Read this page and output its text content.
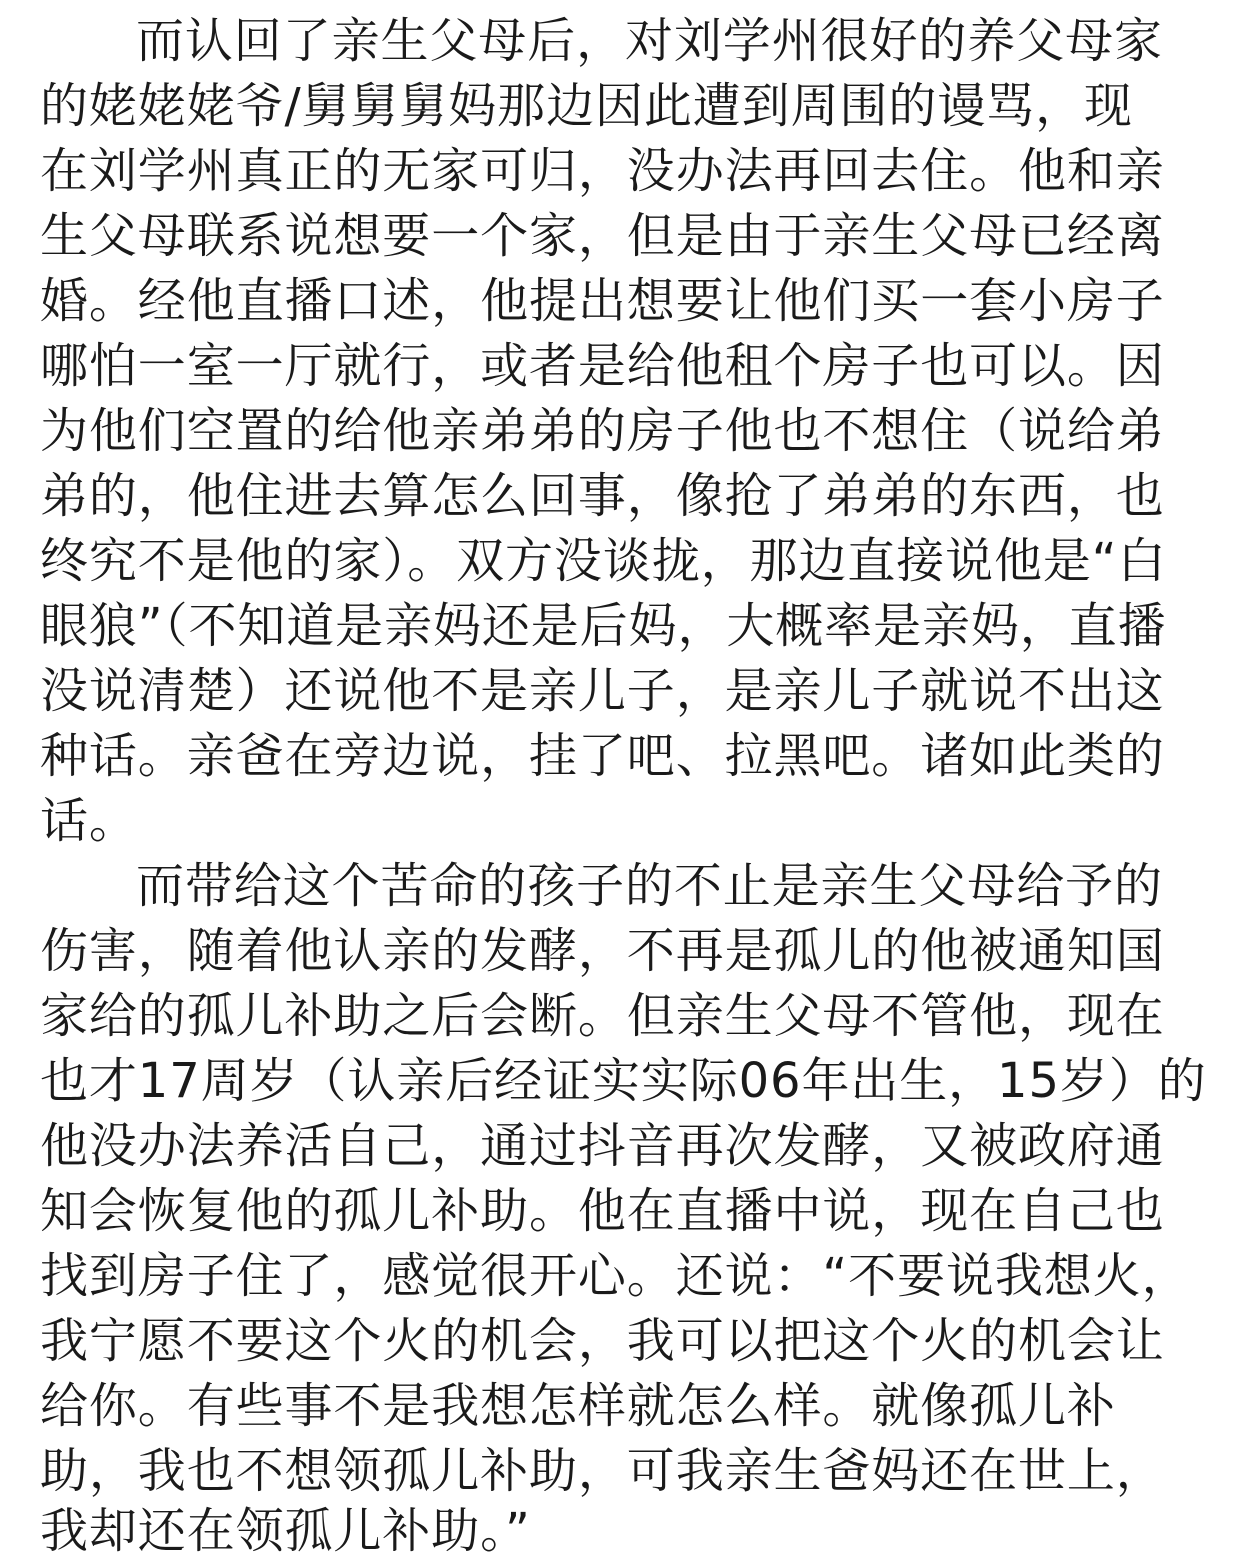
而认回了亲生父母后，对刘学州很好的养父母家

的姥姥姥爷/舅舅舅妈那边因此遭到周围的谩骂，现

在刘学州真正的无家可归，没办法再回去住。他和亲

生父母联系说想要一个家，但是由于亲生父母已经离

婚。经他直播口述，他提出想要让他们买一套小房子

哪怕一室一厅就行，或者是给他租个房子也可以。因

为他们空置的给他亲弟弟的房子他也不想住（说给弟

弟的，他住进去算怎么回事，像抢了弟弟的东西，也

终究不是他的家）。双方没谈拢，那边直接说他是“白

眼狼”（不知道是亲妈还是后妈，大概率是亲妈，直播

没说清楚）还说他不是亲儿子，是亲儿子就说不出这

种话。亲爸在旁边说，挂了吧、拉黑吧。诸如此类的

话。

而带给这个苦命的孩子的不止是亲生父母给予的

伤害，随着他认亲的发酵，不再是孤儿的他被通知国

家给的孤儿补助之后会断。但亲生父母不管他，现在

也才17周岁（认亲后经证实实际06年出生，15岁）的

他没办法养活自己，通过抖音再次发酵，又被政府通

知会恢复他的孤儿补助。他在直播中说，现在自己也

找到房子住了，感觉很开心。还说：“不要说我想火，

我宁愿不要这个火的机会，我可以把这个火的机会让

给你。有些事不是我想怎样就怎么样。就像孤儿补

助，我也不想领孤儿补助，可我亲生爸妈还在世上，

我却还在领孤儿补助。”
